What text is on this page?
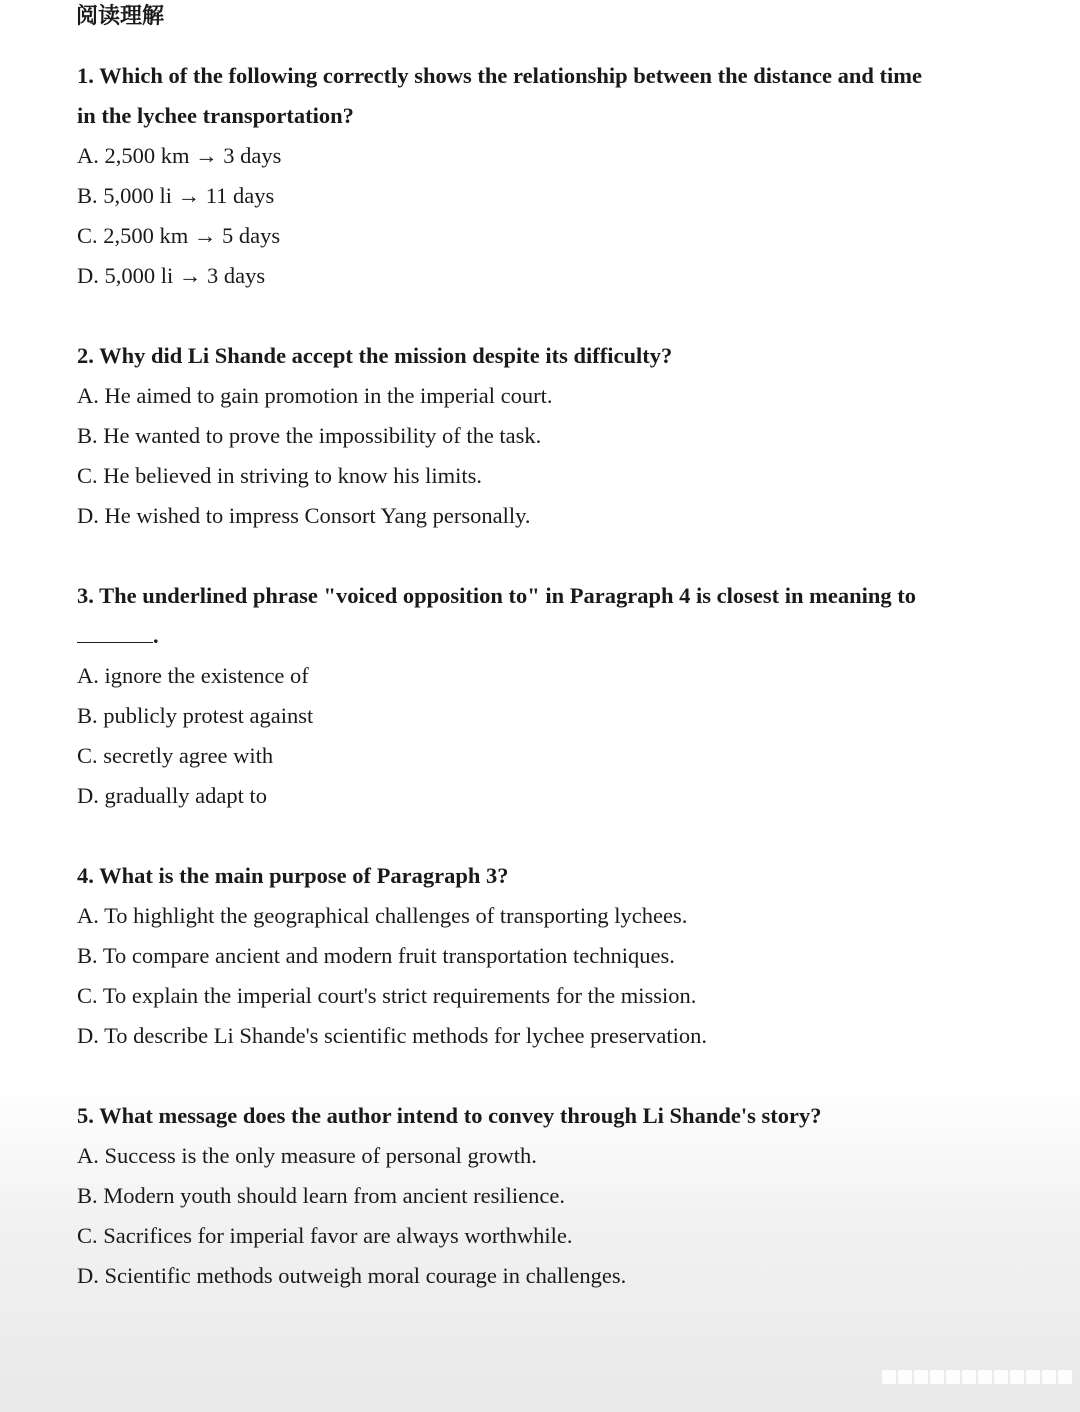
阅读理解
1. Which of the following correctly shows the relationship between the distance and time
in the lychee transportation?
A. 2,500 km → 3 days
B. 5,000 li → 11 days
C. 2,500 km → 5 days
D. 5,000 li → 3 days
2. Why did Li Shande accept the mission despite its difficulty?
A. He aimed to gain promotion in the imperial court.
B. He wanted to prove the impossibility of the task.
C. He believed in striving to know his limits.
D. He wished to impress Consort Yang personally.
3. The underlined phrase "voiced opposition to" in Paragraph 4 is closest in meaning to
.
A. ignore the existence of
B. publicly protest against
C. secretly agree with
D. gradually adapt to
4. What is the main purpose of Paragraph 3?
A. To highlight the geographical challenges of transporting lychees.
B. To compare ancient and modern fruit transportation techniques.
C. To explain the imperial court's strict requirements for the mission.
D. To describe Li Shande's scientific methods for lychee preservation.
5. What message does the author intend to convey through Li Shande's story?
A. Success is the only measure of personal growth.
B. Modern youth should learn from ancient resilience.
C. Sacrifices for imperial favor are always worthwhile.
D. Scientific methods outweigh moral courage in challenges.
